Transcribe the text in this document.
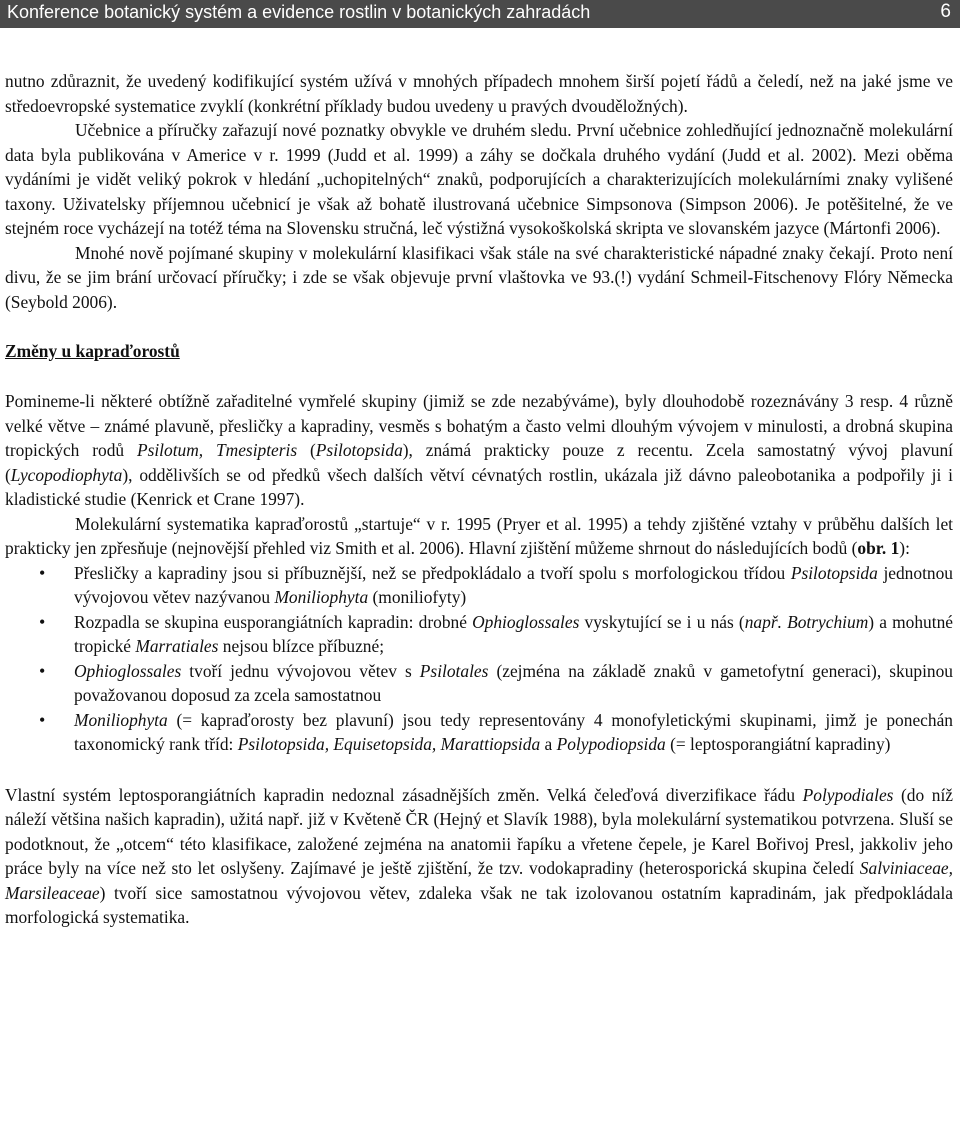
Konference botanický systém a evidence rostlin v botanických zahradách	6

nutno zdůraznit, že uvedený kodifikující systém užívá v mnohých případech mnohem širší pojetí řádů a čeledí, než na jaké jsme ve středoevropské systematice zvyklí (konkrétní příklady budou uvedeny u pravých dvouděložných).

Učebnice a příručky zařazují nové poznatky obvykle ve druhém sledu. První učebnice zohledňující jednoznačně molekulární data byla publikována v Americe v r. 1999 (Judd et al. 1999) a záhy se dočkala druhého vydání (Judd et al. 2002). Mezi oběma vydáními je vidět veliký pokrok v hledání „uchopitelných“ znaků, podporujících a charakterizujících molekulárními znaky vylišené taxony. Uživatelsky příjemnou učebnicí je však až bohatě ilustrovaná učebnice Simpsonova (Simpson 2006). Je potěšitelné, že ve stejném roce vycházejí na totéž téma na Slovensku stručná, leč výstižná vysokoškolská skripta ve slovanském jazyce (Mártonfi 2006).

Mnohé nově pojímané skupiny v molekulární klasifikaci však stále na své charakteristické nápadné znaky čekají. Proto není divu, že se jim brání určovací příručky; i zde se však objevuje první vlaštovka ve 93.(!) vydání Schmeil-Fitschenovy Flóry Německa (Seybold 2006).

Změny u kapraďorostů

Pomineme-li některé obtížně zařaditelné vymřelé skupiny (jimiž se zde nezabýváme), byly dlouhodobě rozeznávány 3 resp. 4 různě velké větve – známé plavuně, přesličky a kapradiny, vesměs s bohatým a často velmi dlouhým vývojem v minulosti, a drobná skupina tropických rodů Psilotum, Tmesipteris (Psilotopsida), známá prakticky pouze z recentu. Zcela samostatný vývoj plavuní (Lycopodiophyta), oddělivších se od předků všech dalších větví cévnatých rostlin, ukázala již dávno paleobotanika a podpořily ji i kladistické studie (Kenrick et Crane 1997).

Molekulární systematika kapraďorostů „startuje“ v r. 1995 (Pryer et al. 1995) a tehdy zjištěné vztahy v průběhu dalších let prakticky jen zpřesňuje (nejnovější přehled viz Smith et al. 2006). Hlavní zjištění můžeme shrnout do následujících bodů (obr. 1):

• Přesličky a kapradiny jsou si příbuznější, než se předpokládalo a tvoří spolu s morfologickou třídou Psilotopsida jednotnou vývojovou větev nazývanou Moniliophyta (moniliofyty)
• Rozpadla se skupina eusporangiátních kapradin: drobné Ophioglossales vyskytující se i u nás (např. Botrychium) a mohutné tropické Marratiales nejsou blízce příbuzné;
• Ophioglossales tvoří jednu vývojovou větev s Psilotales (zejména na základě znaků v gametofytní generaci), skupinou považovanou doposud za zcela samostatnou
• Moniliophyta (= kapraďorosty bez plavuní) jsou tedy representovány 4 monofyletickými skupinami, jimž je ponechán taxonomický rank tříd: Psilotopsida, Equisetopsida, Marattiopsida a Polypodiopsida (= leptosporangiátní kapradiny)

Vlastní systém leptosporangiátních kapradin nedoznal zásadnějších změn. Velká čeleďová diverzifikace řádu Polypodiales (do níž náleží většina našich kapradin), užitá např. již v Květeně ČR (Hejný et Slavík 1988), byla molekulární systematikou potvrzena. Sluší se podotknout, že „otcem“ této klasifikace, založené zejména na anatomii řapíku a vřetene čepele, je Karel Bořivoj Presl, jakkoliv jeho práce byly na více než sto let oslyšeny. Zajímavé je ještě zjištění, že tzv. vodokapradiny (heterosporická skupina čeledí Salviniaceae, Marsileaceae) tvoří sice samostatnou vývojovou větev, zdaleka však ne tak izolovanou ostatním kapradinám, jak předpokládala morfologická systematika.
